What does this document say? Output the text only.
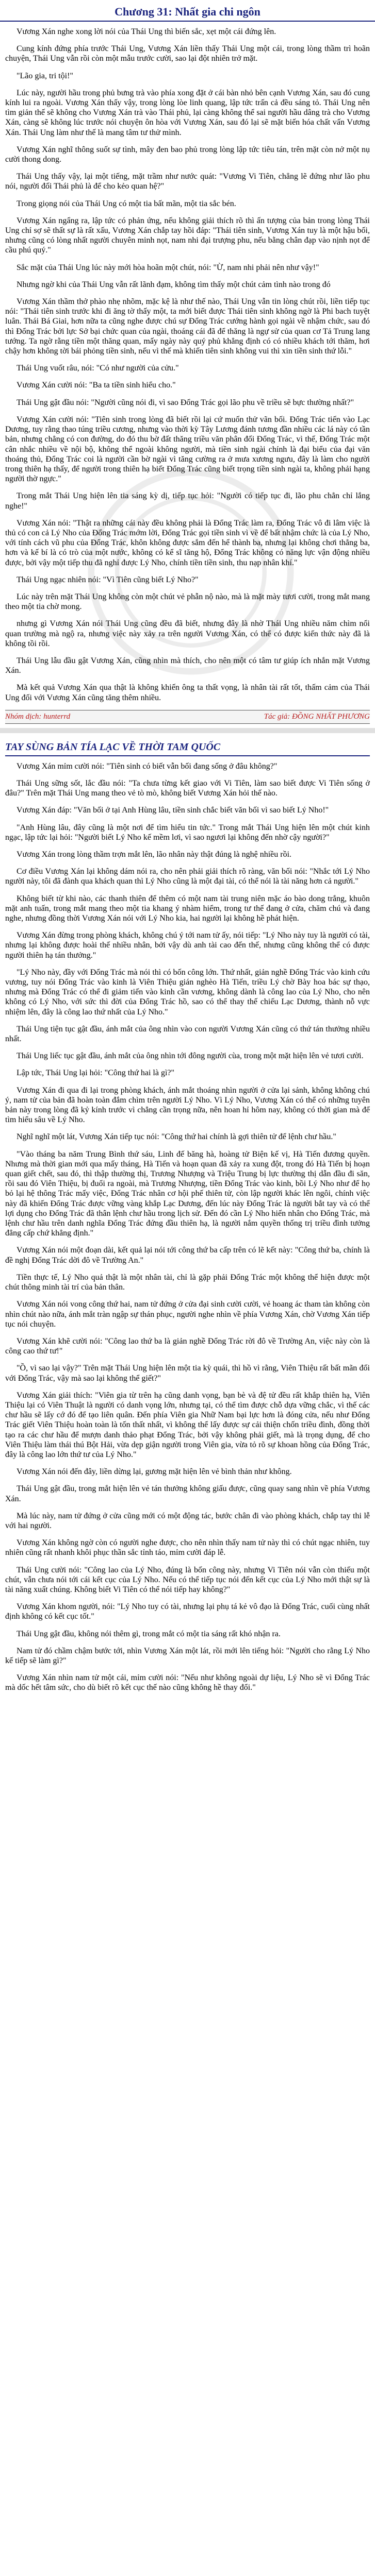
Chương 31: Nhất gia chi ngôn

Vương Xán nghe xong lời nói của Thái Ung thì biến sắc, xẹt một cái đứng lên.

Cung kính đứng phía trước Thái Ung, Vương Xán liền thấy Thái Ung một cái, trong lòng thầm trì hoãn chuyện, Thái Ung vẫn rồi còn một mẫu trước cười, sao lại đột nhiên trở mặt.

"Lão gia, tri tội!"

Lúc này, người hầu trong phủ bưng trà vào phía xong đặt ở cái bàn nhỏ bên cạnh Vương Xán, sau đó cung kính lui ra ngoài. Vương Xán thấy vậy, trong lòng lòe linh quang, lập tức trấn cả đều sáng tỏ. Thái Ung nên tìm giản thế sẽ không cho Vương Xán trà vào Thái phủ, lại càng không thể sai người hầu dâng trà cho Vương Xán, càng sẽ không lúc trước nói chuyện ôn hòa với Vương Xán, sau đó lại sẽ mặt biến hóa chất vấn Vương Xán. Thái Ung làm như thế là mang tâm tư thử mình.

Vương Xán nghĩ thông suốt sự tình, mây đen bao phủ trong lòng lập tức tiêu tán, trên mặt còn nở một nụ cười thong dong.

Thái Ung thấy vậy, lại một tiếng, mặt trầm như nước quát: "Vương Vi Tiên, chẳng lẽ đứng như lão phu nói, người đối Thái phủ là để cho kẻo quan hệ?"

Trong giọng nói của Thái Ung có một tia bất mãn, một tia sắc bén.

Vương Xán ngẩng ra, lập tức có phản ứng, nếu không giải thích rõ thì ấn tượng của bản trong lòng Thái Ung chỉ sợ sẽ thất sự là rất xấu, Vương Xán chắp tay hồi đáp: "Thái tiên sinh, Vương Xán tuy là một hậu bối, nhưng cũng có lòng nhất người chuyên minh nọt, nam nhi đại trượng phu, nếu bằng chân đạp vào nịnh nọt để cầu phú quý."

Sắc mặt của Thái Ung lúc này mới hòa hoãn một chút, nói: "Ừ, nam nhi phải nên như vậy!"

Nhưng ngờ khi của Thái Ung vẫn rất lãnh đạm, không tìm thấy một chút cảm tình nào trong đó

Vương Xán thầm thở phào nhẹ nhõm, mặc kệ là như thế nào, Thái Ung vẫn tin lòng chút rồi, liền tiếp tục nói: "Thái tiên sinh trước khi đi ăng tờ thấy một, ta mới biết được Thái tiên sinh không ngờ là Phi bach tuyệt luân. Thái Bá Giai, hơn nữa ta cũng nghe được chú sự Đổng Trác cướng hành gọi ngài về nhậm chức, sau đó thì Đổng Trác bởi lực Sở bại chức quan của ngài, thoáng cái đã để thăng là ngự sử của quan cơ Tả Trung lang tướng. Ta ngờ rằng tiền một thăng quan, mấy ngày này quý phủ khẳng định có có nhiều khách tới thăm, hơi chậy hơn không tời bái phỏng tiền sinh, nếu vì thế mà khiến tiên sinh không vui thì xin tiền sinh thứ lỗi."

Thái Ung vuốt râu, nói: "Có như người của cửu."

Vương Xán cười nói: "Ba ta tiền sinh hiểu cho."

Thái Ung gật đầu nói: "Người cũng nói đi, vì sao Đổng Trác gọi lão phu về triều sẽ bực thường nhất?"

Vương Xán cười nói: "Tiên sinh trong lòng đã biết rồi lại cứ muốn thử vãn bối. Đổng Trác tiến vào Lạc Dương, tuy rằng thao túng triều cương, nhưng vào thời kỳ Tây Lương đánh tương đần nhiều các lá này có tần bản, nhưng chẳng có con đường, do đó thu bờ đất thăng triều văn phân đối Đổng Trác, vì thế, Đổng Trác một cân nhắc nhiều về nội bộ, không thể ngoài không người, mà tiền sinh ngài chính là đại biểu của đại văn thoáng thủ, Đổng Trác coi là người cần bờ ngài vì tăng cường ra ở mưa xương ngưu, đây là làm cho người trong thiên hạ thấy, để người trong thiên hạ biết Đổng Trác cũng biết trọng tiền sinh ngài ta, không phải hạng người thờ ngực."

Trong mắt Thái Ung hiện lên tia sáng kỳ dị, tiếp tục hỏi: "Người có tiếp tục đi, lão phu chẳn chỉ lắng nghe!"

Vương Xán nói: "Thật ra những cái này đều không phải là Đổng Trác làm ra, Đổng Trác vô đi lâm việc là thủ có con cả Lý Nho của Đổng Trác mớm lời, Đổng Trác gọi tiền sinh vì về để bất nhậm chức là của Lý Nho, với tính cách vũ phu của Đổng Trác, khôn không được sắm đến hể thành ba, nhưng lại không chơi thẳng ba, hơn và kế bí là có trò của một nước, không có kể sĩ tăng hộ, Đổng Trác không có năng lực vận động nhiều được, bởi vậy một tiếp thu đã nghỉ được Lý Nho, chính tiền tiền sinh, thu nạp nhân khí."

Thái Ung ngạc nhiên nói: "Vì Tiên cũng biết Lý Nho?"

Lúc này trên mặt Thái Ung không còn một chút vẻ phẫn nộ nào, mà là mặt mày tươi cười, trong mắt mang theo một tia chờ mong.

nhưng gì Vương Xán nói Thái Ung cũng đều đã biết, nhưng đây là nhờ Thái Ung nhiều năm chìm nổi quan trường mà ngộ ra, nhưng việc này xảy ra trên người Vương Xán, có thể có được kiến thức này đã là không tồi rồi.

Thái Ung lẫu đầu gật Vương Xán, cũng nhìn mà thích, cho nên một có tâm tư giúp ích nhắn mặt Vương Xán.

Mà kết quả Vương Xán qua thật là không khiến ông ta thất vọng, là nhân tài rất tốt, thấm cảm của Thái Ung đối với Vương Xán cũng tăng thêm nhiều.

Nhóm dịch: hunterrd	Tác giả: ĐỒNG NHẤT PHƯƠNG
TAY SÙNG BẢN TÍA LẠC VỀ THỜI TAM QUỐC

Vương Xán mỉm cười nói: "Tiên sinh có biết vẫn bối đang sống ở đâu không?"

Thái Ung sững sốt, lắc đầu nói: "Ta chưa từng kết giao với Vi Tiên, làm sao biết được Vi Tiên sống ở đâu?" Trên mặt Thái Ung mang theo vẻ tò mò, không biết Vương Xán hỏi thế nào.

Vương Xán đáp: "Văn bối ở tại Anh Hùng lâu, tiền sinh chắc biết văn bối vì sao biết Lý Nho!"

"Anh Hùng lâu, đây cũng là một nơi để tìm hiểu tin tức." Trong mắt Thái Ung hiện lên một chút kinh ngạc, lập tức lại hỏi: "Người biết Lý Nho kế mềm lơi, vì sao ngươi lại không đến nhờ cậy người?"

Vương Xán trong lòng thầm trợn mắt lên, lão nhân này thật đúng là nghệ nhiều rồi.

Cơ điều Vương Xán lại không dám nói ra, cho nên phải giải thích rõ ràng, văn bối nói: "Nhắc tới Lý Nho người này, tôi đã đành qua khách quan thì Lý Nho cũng là một đại tài, có thể nói là tài năng hơn cả người."

Không biết từ khi nào, các thanh thiên để thêm có một nam tài trung niên mặc áo bào dong trắng, khuôn mặt anh tuấn, trong mắt mang theo một tia khang ý nhàm hiểm, trong tư thế đang ở cửa, chăm chú và đang nghe, nhưng đồng thời Vương Xán nói với Lý Nho kia, hai người lại không hề phát hiện.

Vương Xán đừng trong phòng khách, không chú ý tới nam tử ấy, nói tiếp: "Lý Nho này tuy là người có tài, nhưng lại không được hoài thế nhiều nhân, bởi vậy dù anh tài cao đến thế, nhưng cũng không thể có được người thiên hạ tán thưởng."

"Lý Nho này, đầy với Đổng Trác mà nói thì có bốn công lớn. Thứ nhất, giản nghề Đổng Trác vào kinh cứu vương, tuy nói Đổng Trác vào kinh là Viên Thiệu gián nghèo Hà Tiến, triều Lý chờ Bày hoa bác sự thạo, nhưng mà Đổng Trác có thể đi giảm tiến vào kinh cần vương, không dành là công lao của Lý Nho, cho nên không có Lý Nho, với sức thì đời của Đổng Trác hồ, sao có thể thay thế chiếu Lạc Dương, thành nỗ vực nhiệm lên, đây là công lao thứ nhất của Lý Nho."

Thái Ung tiện tục gật đầu, ánh mắt của ông nhìn vào con người Vương Xán cũng có thứ tán thưởng nhiều nhất.

Thái Ung liếc tục gật đầu, ánh mắt của ông nhìn tới đông người cùa, trong một mặt hiện lên vẻ tươi cười.

Lập tức, Thái Ung lại hỏi: "Công thứ hai là gì?"

Vương Xán đi qua đi lại trong phòng khách, ánh mắt thoáng nhìn người ở cửa lại sảnh, không không chú ý, nam tử của bản đã hoàn toàn đắm chìm trên người Lý Nho. Vì Lý Nho, Vương Xán có thể có những tuyên bản này trong lòng đã kỷ kính trước vì chẳng cần trọng nữa, nên hoan hỉ hôm nay, không có thời gian mà để tìm hiểu sâu về Lý Nho.

Nghĩ nghĩ một lát, Vương Xán tiếp tục nói: "Công thứ hai chính là gợi thiên tử để lệnh chư hầu."

"Vào tháng ba năm Trung Bình thứ sáu, Linh đế băng hà, hoàng tử Biện kế vị, Hà Tiến đương quyền. Nhưng mà thời gian mới qua mấy tháng, Hà Tiến và hoạn quan đã xảy ra xung đột, trong đó Hà Tiến bị hoạn quan giết chết, sau đó, thì thập thường thị, Trương Nhượng và Triệu Trung bị lực thường thị dẫn đầu đi săn, rồi sau đó Viên Thiệu, bị đuổi ra ngoài, mà Trương Nhượng, tiền Đổng Trác vào kinh, bồi Lý Nho như để họ bỏ lại hệ thông Trác mấy việc, Đổng Trác nhân cơ hội phế thiên tử, còn lập người khác lên ngôi, chính việc này đã khiến Đổng Trác được vững vàng khắp Lạc Dương, đến lúc này Đổng Trác là người bắt tay và có thể lợi dụng cho Đổng Trác đã thân lệnh chư hầu trong lịch sử. Đến đó cần Lý Nho hiến nhân cho Đổng Trác, mà lệnh chư hầu trên danh nghĩa Đổng Trác đứng đầu thiên hạ, là người nắm quyền thống trị triều đình tưởng đẳng cấp chứ khẳng định."

Vương Xán nói một đoạn dài, kết quả lại nói tới công thứ ba cấp trên có lẽ kết này: "Công thứ ba, chính là đề nghị Đổng Trác dời đô về Trường An."

Tiền thực tế, Lý Nho quả thật là một nhân tài, chỉ là gặp phải Đổng Trác một không thể hiện được một chút thông minh tài trí của bản thân.

Vương Xán nói vong công thứ hai, nam tử đứng ở cửa đại sinh cười cười, vẻ hoang ác tham tàn không còn nhìn chút nào nữa, ánh mắt tràn ngập sự thán phục, người nghe nhìn về phía Vương Xán, chờ Vương Xán tiếp tục nói chuyện.

Vương Xán khẽ cười nói: "Công lao thứ ba là giản nghề Đổng Trác rời đô về Trường An, việc này còn là công cao thứ tư!"

"Ồ, vì sao lại vậy?" Trên mặt Thái Ung hiện lên một tia kỳ quái, thì hồ vì rằng, Viên Thiệu rất bất mãn đối với Đổng Trác, vậy mà sao lại không thể giết?"

Vương Xán giải thích: "Viên gia từ trên hạ cũng danh vọng, bạn bè và đệ tử đều rất khắp thiên hạ, Viên Thiệu lại có Viên Thuật là người có danh vọng lớn, nhưng tại, có thể tìm được chỗ dựa vững chắc, vì thế các chư hầu sẽ lấy cớ đó để tạo liên quân. Đến phía Viên gia Nhữ Nam bại lực hơn là đóng cửa, nếu như Đổng Trác giết Viên Thiệu hoàn toàn là tốn thất nhất, vì không thể lấy được sự cải thiện chốn triều đình, đồng thời tạo ra các chư hầu để mượn danh thảo phạt Đổng Trác, bởi vậy không phải giết, mà là trọng dụng, để cho Viên Thiệu làm thái thú Bột Hải, vừa dẹp giận người trong Viên gia, vừa tỏ rõ sự khoan hồng của Đổng Trác, đây là công lao lớn thứ tư của Lý Nho."

Vương Xán nói đến đây, liền dừng lại, gương mặt hiện lên vẻ bình thản như không.

Thái Ung gật đầu, trong mắt hiện lên vẻ tán thưởng không giấu được, cũng quay sang nhìn về phía Vương Xán.

Mà lúc này, nam tử đứng ở cửa cũng mới có một động tác, bước chân đi vào phòng khách, chắp tay thi lễ với hai người.

Vương Xán không ngờ còn có người nghe được, cho nên nhìn thấy nam tử này thì có chút ngạc nhiên, tuy nhiên cũng rất nhanh khôi phục thần sắc tỉnh táo, mỉm cười đáp lễ.

Thái Ung cười nói: "Công lao của Lý Nho, đúng là bốn công này, nhưng Vi Tiên nói vẫn còn thiếu một chút, vẫn chưa nói tới cái kết cục của Lý Nho. Nếu có thể tiếp tục nói đến kết cục của Lý Nho mới thật sự là tài năng xuất chúng. Không biết Vi Tiên có thể nói tiếp hay không?"

Vương Xán khom người, nói: "Lý Nho tuy có tài, nhưng lại phụ tá kẻ vô đạo là Đổng Trác, cuối cùng nhất định không có kết cục tốt."

Thái Ung gật đầu, không nói thêm gì, trong mắt có một tia sáng rất khó nhận ra.

Nam tử đó chầm chậm bước tới, nhìn Vương Xán một lát, rồi mới lên tiếng hỏi: "Người cho rằng Lý Nho kế tiếp sẽ làm gì?"

Vương Xán nhìn nam tử một cái, mỉm cười nói: "Nếu như không ngoài dự liệu, Lý Nho sẽ vì Đổng Trác mà dốc hết tâm sức, cho dù biết rõ kết cục thế nào cũng không hề thay đổi."
